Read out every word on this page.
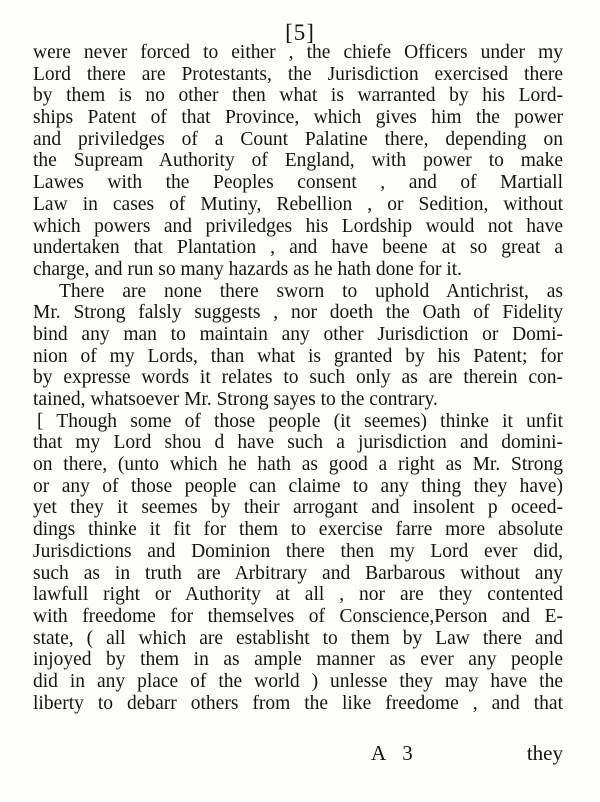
[5]
were never forced to either , the chiefe Officers under my
Lord there are Protestants, the Jurisdiction exercised there
by them is no other then what is warranted by his Lord-
ships Patent of that Province, which gives him the power
and priviledges of a Count Palatine there, depending on
the Supream Authority of England, with power to make
Lawes with the Peoples consent , and of Martiall
Law in cases of Mutiny, Rebellion , or Sedition, without
which powers and priviledges his Lordship would not have
undertaken that Plantation , and have beene at so great a
charge, and run so many hazards as he hath done for it.
There are none there sworn to uphold Antichrist, as
Mr. Strong falsly suggests , nor doeth the Oath of Fidelity
bind any man to maintain any other Jurisdiction or Domi-
nion of my Lords, than what is granted by his Patent; for
by expresse words it relates to such only as are therein con-
tained, whatsoever Mr. Strong sayes to the contrary.
[ Though some of those people (it seemes) thinke it unfit
that my Lord shou d have such a jurisdiction and domini-
on there, (unto which he hath as good a right as Mr. Strong
or any of those people can claime to any thing they have)
yet they it seemes by their arrogant and insolent p oceed-
dings thinke it fit for them to exercise farre more absolute
Jurisdictions and Dominion there then my Lord ever did,
such as in truth are Arbitrary and Barbarous without any
lawfull right or Authority at all , nor are they contented
with freedome for themselves of Conscience,Person and E-
state, ( all which are establisht to them by Law there and
injoyed by them in as ample manner as ever any people
did in any place of the world ) unlesse they may have the
liberty to debarr others from the like freedome , and that
A 3	they
